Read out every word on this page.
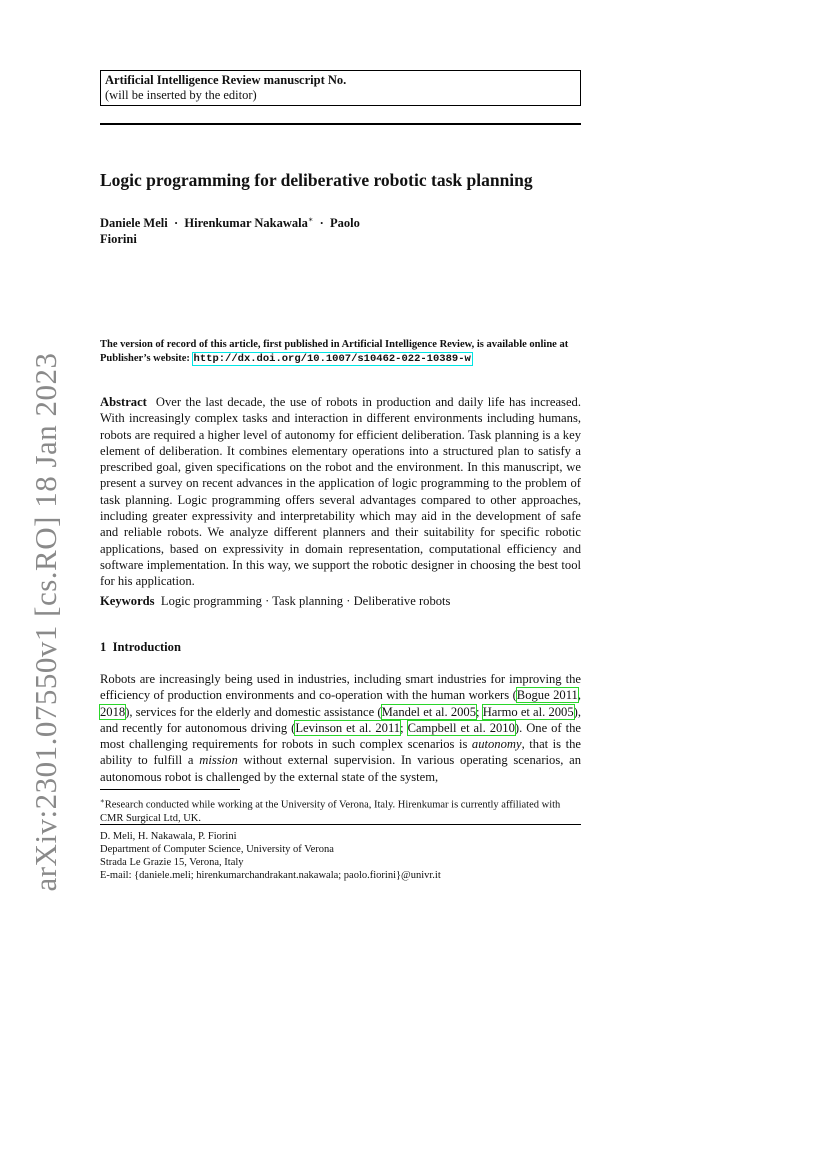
arXiv:2301.07550v1 [cs.RO] 18 Jan 2023
Artificial Intelligence Review manuscript No.
(will be inserted by the editor)
Logic programming for deliberative robotic task planning
Daniele Meli · Hirenkumar Nakawala∗ · Paolo
Fiorini
The version of record of this article, first published in Artificial Intelligence Review, is available online at Publisher’s website: http://dx.doi.org/10.1007/s10462-022-10389-w
Abstract Over the last decade, the use of robots in production and daily life has increased. With increasingly complex tasks and interaction in different environments including humans, robots are required a higher level of autonomy for efficient deliberation. Task planning is a key element of deliberation. It combines elementary operations into a structured plan to satisfy a prescribed goal, given specifications on the robot and the environment. In this manuscript, we present a survey on recent advances in the application of logic programming to the problem of task planning. Logic programming offers several advantages compared to other approaches, including greater expressivity and interpretability which may aid in the development of safe and reliable robots. We analyze different planners and their suitability for specific robotic applications, based on expressivity in domain representation, computational efficiency and software implementation. In this way, we support the robotic designer in choosing the best tool for his application.
Keywords Logic programming · Task planning · Deliberative robots
1 Introduction
Robots are increasingly being used in industries, including smart industries for improving the efficiency of production environments and co-operation with the human workers (Bogue 2011, 2018), services for the elderly and domestic assistance (Mandel et al. 2005; Harmo et al. 2005), and recently for autonomous driving (Levinson et al. 2011; Campbell et al. 2010). One of the most challenging requirements for robots in such complex scenarios is autonomy, that is the ability to fulfill a mission without external supervision. In various operating scenarios, an autonomous robot is challenged by the external state of the system,
∗Research conducted while working at the University of Verona, Italy. Hirenkumar is currently affiliated with CMR Surgical Ltd, UK.
D. Meli, H. Nakawala, P. Fiorini
Department of Computer Science, University of Verona
Strada Le Grazie 15, Verona, Italy
E-mail: {daniele.meli; hirenkumarchandrakant.nakawala; paolo.fiorini}@univr.it
